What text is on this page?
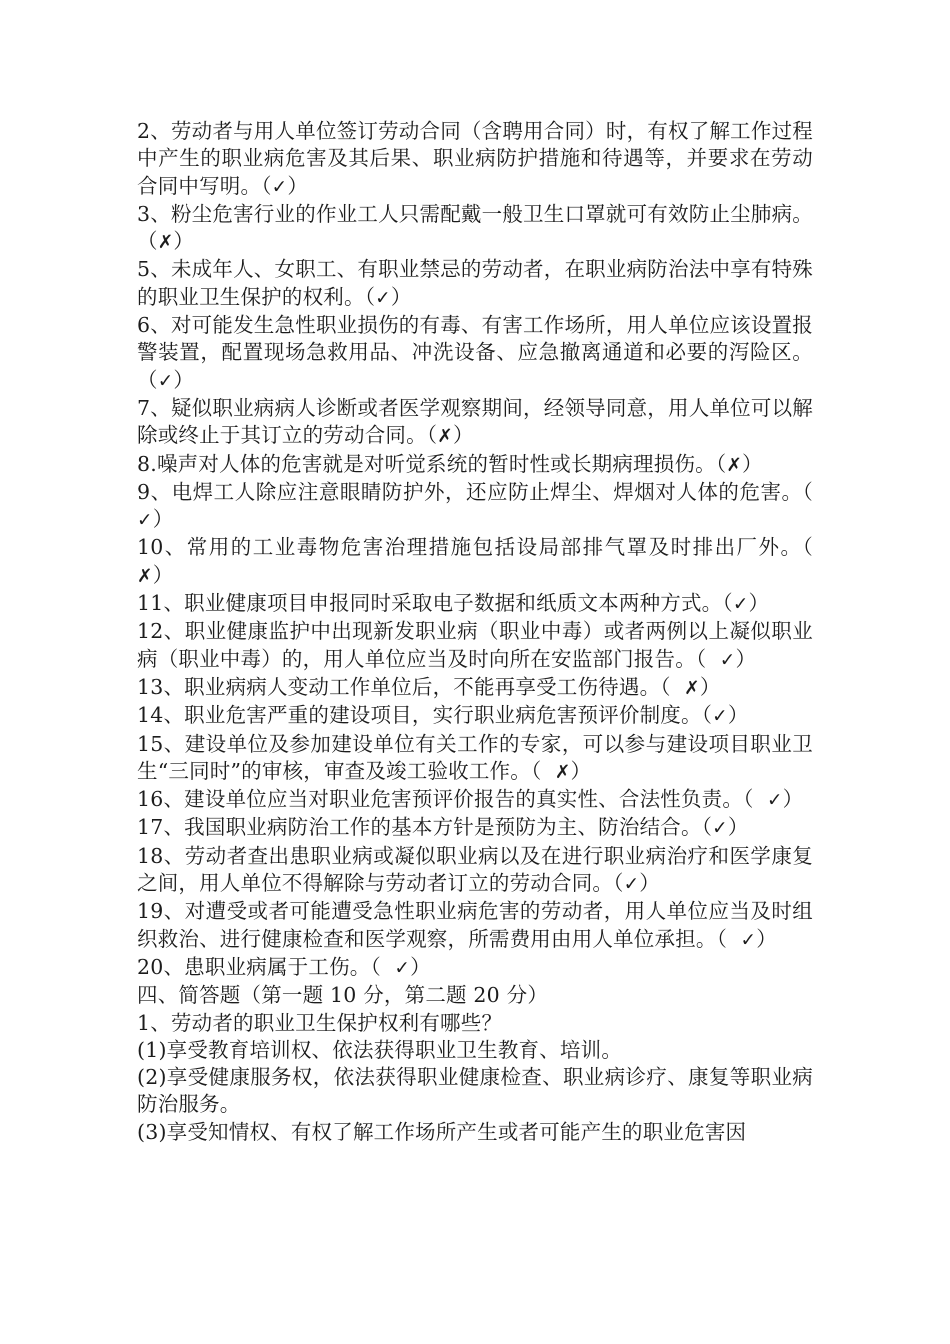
2、劳动者与用人单位签订劳动合同（含聘用合同）时，有权了解工作过程中产生的职业病危害及其后果、职业病防护措施和待遇等，并要求在劳动合同中写明。（✓）

3、粉尘危害行业的作业工人只需配戴一般卫生口罩就可有效防止尘肺病。（✗）

5、未成年人、女职工、有职业禁忌的劳动者，在职业病防治法中享有特殊的职业卫生保护的权利。（✓）

6、对可能发生急性职业损伤的有毒、有害工作场所，用人单位应该设置报警装置，配置现场急救用品、冲洗设备、应急撤离通道和必要的泻险区。（✓）

7、疑似职业病病人诊断或者医学观察期间，经领导同意，用人单位可以解除或终止于其订立的劳动合同。（✗）

8.噪声对人体的危害就是对听觉系统的暂时性或长期病理损伤。（✗）

9、电焊工人除应注意眼睛防护外，还应防止焊尘、焊烟对人体的危害。（  ✓）

10、常用的工业毒物危害治理措施包括设局部排气罩及时排出厂外。（ ✗）

11、职业健康项目申报同时采取电子数据和纸质文本两种方式。（✓）

12、职业健康监护中出现新发职业病（职业中毒）或者两例以上凝似职业病（职业中毒）的，用人单位应当及时向所在安监部门报告。（  ✓）

13、职业病病人变动工作单位后，不能再享受工伤待遇。（  ✗）

14、职业危害严重的建设项目，实行职业病危害预评价制度。（✓）

15、建设单位及参加建设单位有关工作的专家，可以参与建设项目职业卫生“三同时”的审核，审查及竣工验收工作。（  ✗）

16、建设单位应当对职业危害预评价报告的真实性、合法性负责。（  ✓）

17、我国职业病防治工作的基本方针是预防为主、防治结合。（✓）

18、劳动者查出患职业病或凝似职业病以及在进行职业病治疗和医学康复之间，用人单位不得解除与劳动者订立的劳动合同。（✓）

19、对遭受或者可能遭受急性职业病危害的劳动者，用人单位应当及时组织救治、进行健康检查和医学观察，所需费用由用人单位承担。（  ✓）

20、患职业病属于工伤。（  ✓）

四、简答题（第一题 10 分，第二题 20 分）

1、劳动者的职业卫生保护权利有哪些？

(1)享受教育培训权、依法获得职业卫生教育、培训。

(2)享受健康服务权，依法获得职业健康检查、职业病诊疗、康复等职业病防治服务。

(3)享受知情权、有权了解工作场所产生或者可能产生的职业危害因
